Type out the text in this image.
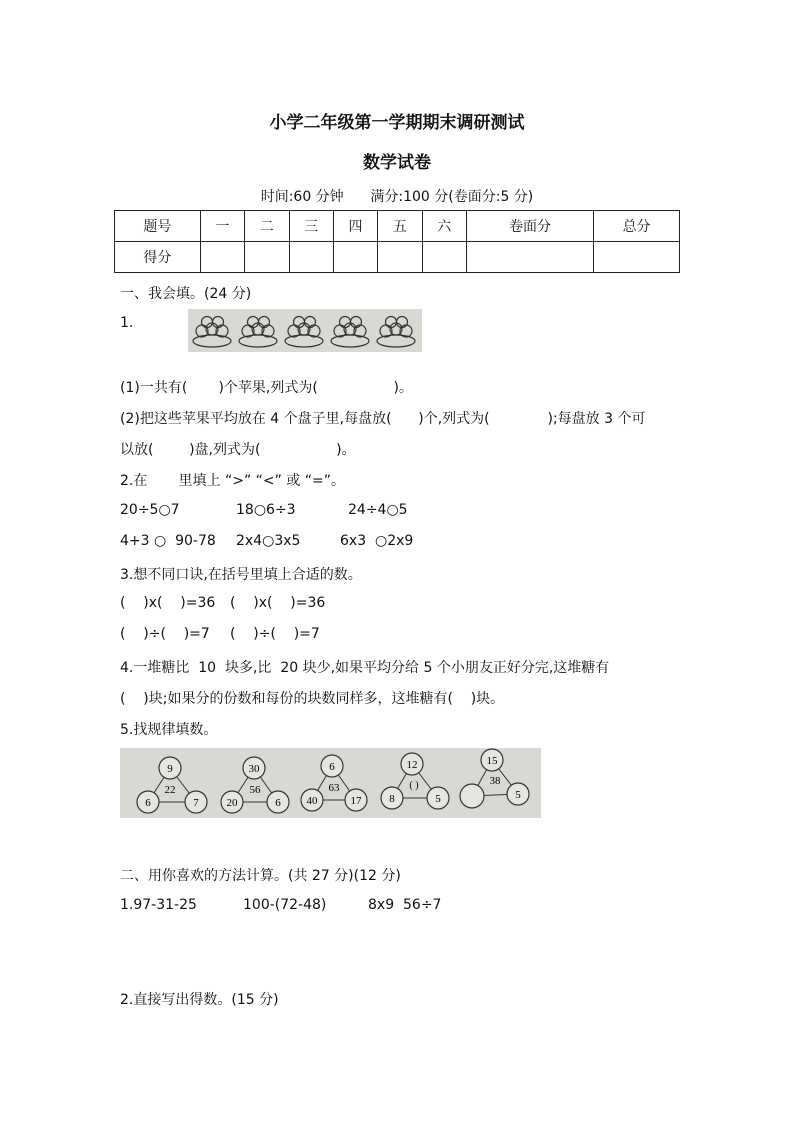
小学二年级第一学期期末调研测试
数学试卷
时间:60 分钟      满分:100 分(卷面分:5 分)
题号	一	二	三	四	五	六	卷面分	总分
得分								
一、我会填。(24 分)
1.
(1)一共有(       )个苹果,列式为(                 )。
(2)把这些苹果平均放在 4 个盘子里,每盘放(      )个,列式为(             );每盘放 3 个可
以放(        )盘,列式为(                 )。
2.在       里填上 “>” “<” 或 “=”。
20÷5○7	18○6÷3	24÷4○5
4+3 ○  90-78 2x4○3x5	6x3  ○2x9
3.想不同口诀,在括号里填上合适的数。
(    )x(    )=36 (    )x(    )=36
(    )÷(    )=7 (    )÷(    )=7
4.一堆糖比  10  块多,比  20 块少,如果平均分给 5 个小朋友正好分完,这堆糖有
(    )块;如果分的份数和每份的块数同样多，这堆糖有(    )块。
5.找规律填数。
9
22
6	7
30
56
20	6
6
63
40	17
12
( )
8	5
15
38
5
二、用你喜欢的方法计算。(共 27 分)(12 分)
1.97-31-25	100-(72-48)	8x9  56÷7
2.直接写出得数。(15 分)
